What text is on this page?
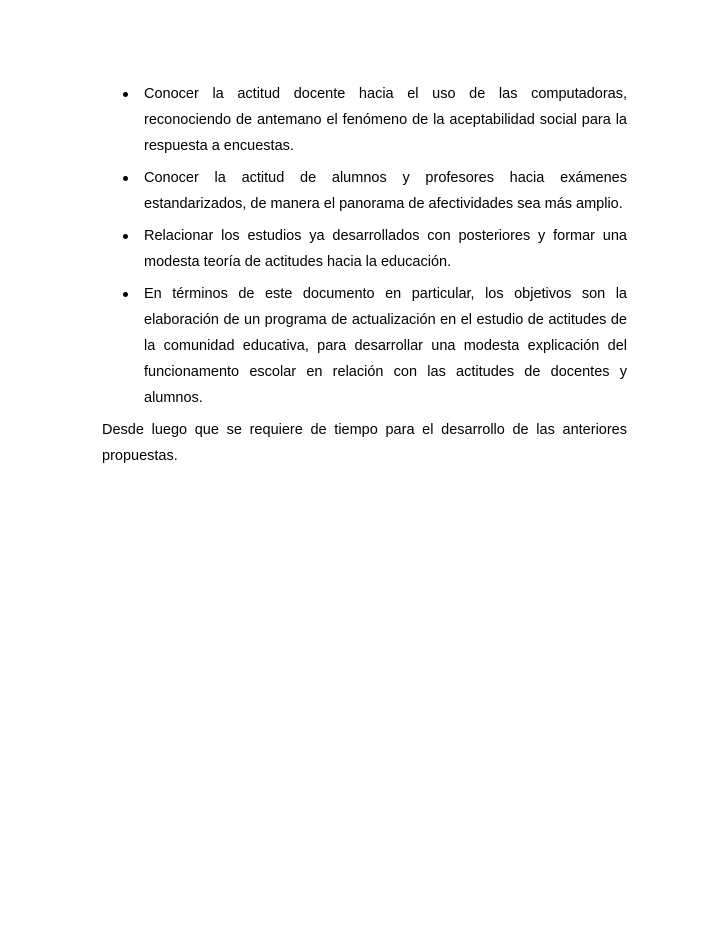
Conocer la actitud docente hacia el uso de las computadoras, reconociendo de antemano el fenómeno de la aceptabilidad social para la respuesta a encuestas.
Conocer la actitud de alumnos y profesores hacia exámenes estandarizados, de manera el panorama de afectividades sea más amplio.
Relacionar los estudios ya desarrollados con posteriores y formar una modesta teoría de actitudes hacia la educación.
En términos de este documento en particular, los objetivos son la elaboración de un programa de actualización en el estudio de actitudes de la comunidad educativa, para desarrollar una modesta explicación del funcionamento escolar en relación con las actitudes de docentes y alumnos.

Desde luego que se requiere de tiempo para el desarrollo de las anteriores propuestas.
